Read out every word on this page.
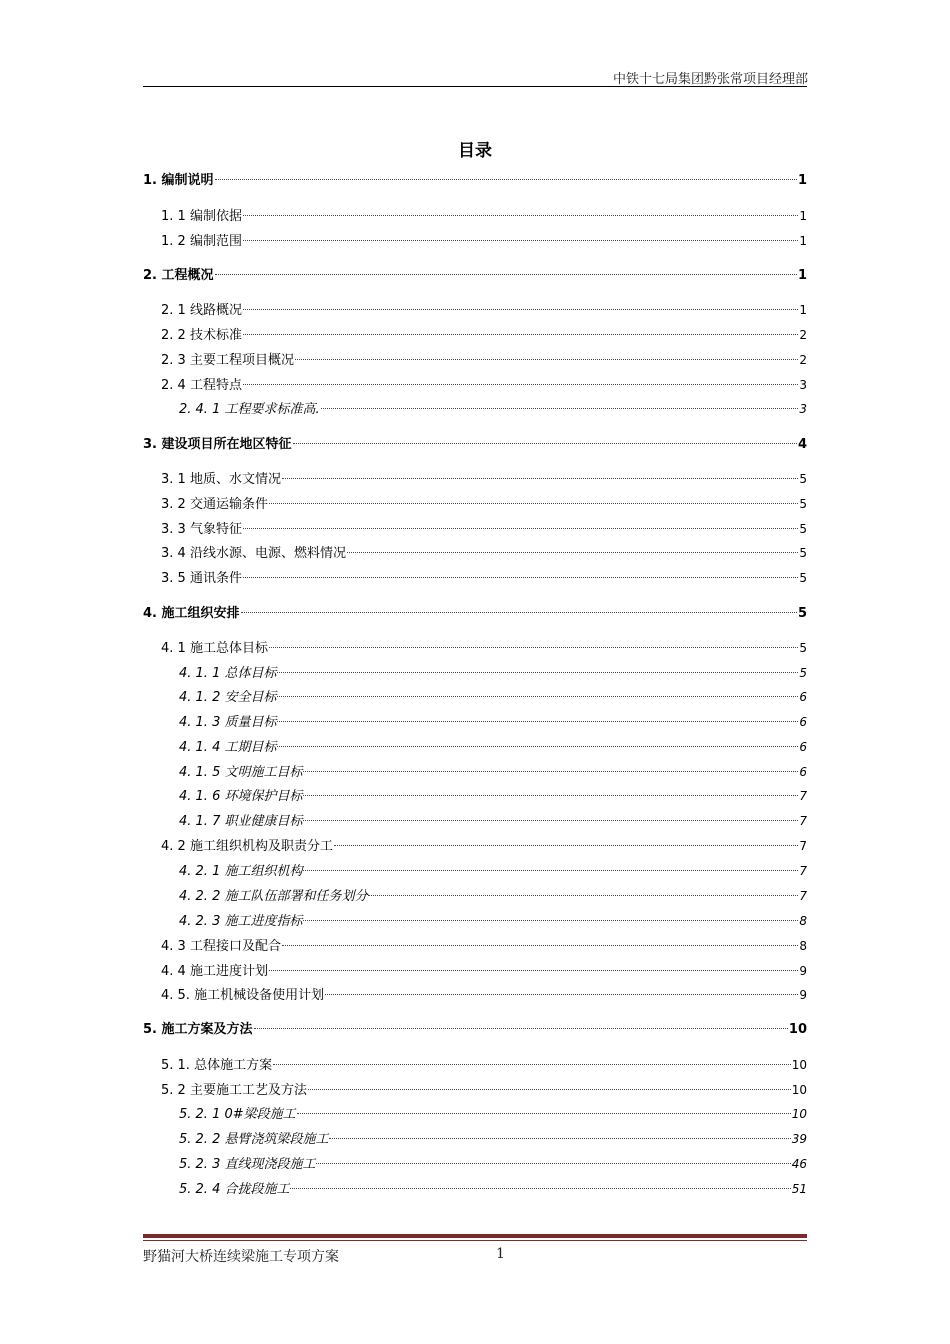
中铁十七局集团黔张常项目经理部
目录
1. 编制说明	1
1. 1 编制依据	1
1. 2 编制范围	1
2. 工程概况	1
2. 1 线路概况	1
2. 2 技术标准	2
2. 3 主要工程项目概况	2
2. 4 工程特点	3
2. 4. 1 工程要求标准高.	3
3. 建设项目所在地区特征	4
3. 1 地质、水文情况	5
3. 2 交通运输条件	5
3. 3 气象特征	5
3. 4 沿线水源、电源、燃料情况	5
3. 5 通讯条件	5
4. 施工组织安排	5
4. 1 施工总体目标	5
4. 1. 1 总体目标	5
4. 1. 2 安全目标	6
4. 1. 3 质量目标	6
4. 1. 4 工期目标	6
4. 1. 5 文明施工目标	6
4. 1. 6 环境保护目标	7
4. 1. 7 职业健康目标	7
4. 2 施工组织机构及职责分工	7
4. 2. 1 施工组织机构	7
4. 2. 2 施工队伍部署和任务划分	7
4. 2. 3 施工进度指标	8
4. 3 工程接口及配合	8
4. 4 施工进度计划	9
4. 5. 施工机械设备使用计划	9
5. 施工方案及方法	10
5. 1. 总体施工方案	10
5. 2 主要施工工艺及方法	10
5. 2. 1 0#梁段施工	10
5. 2. 2 悬臂浇筑梁段施工	39
5. 2. 3 直线现浇段施工	46
5. 2. 4 合拢段施工	51
野猫河大桥连续梁施工专项方案	1
